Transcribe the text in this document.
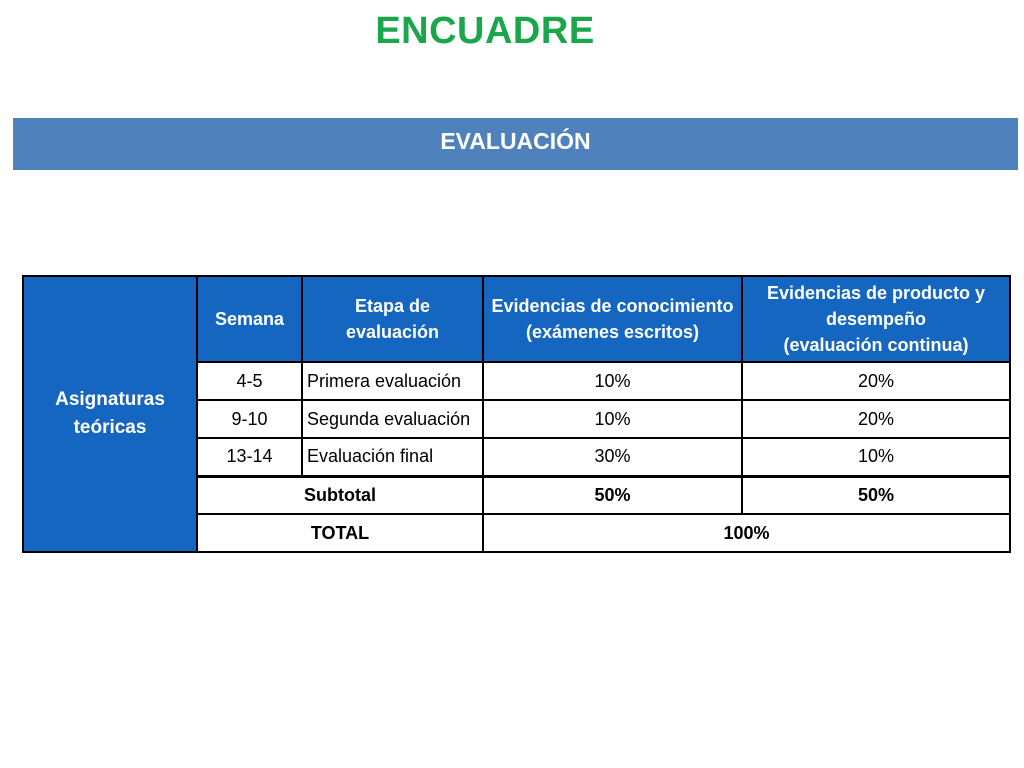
ENCUADRE
EVALUACIÓN
Asignaturas teóricas	Semana	Etapa de evaluación	Evidencias de conocimiento (exámenes escritos)	Evidencias de producto y desempeño
(evaluación continua)
	4-5	Primera evaluación	10%	20%
	9-10	Segunda evaluación	10%	20%
	13-14	Evaluación final	30%	10%
	Subtotal		50%	50%
	TOTAL		100%	
